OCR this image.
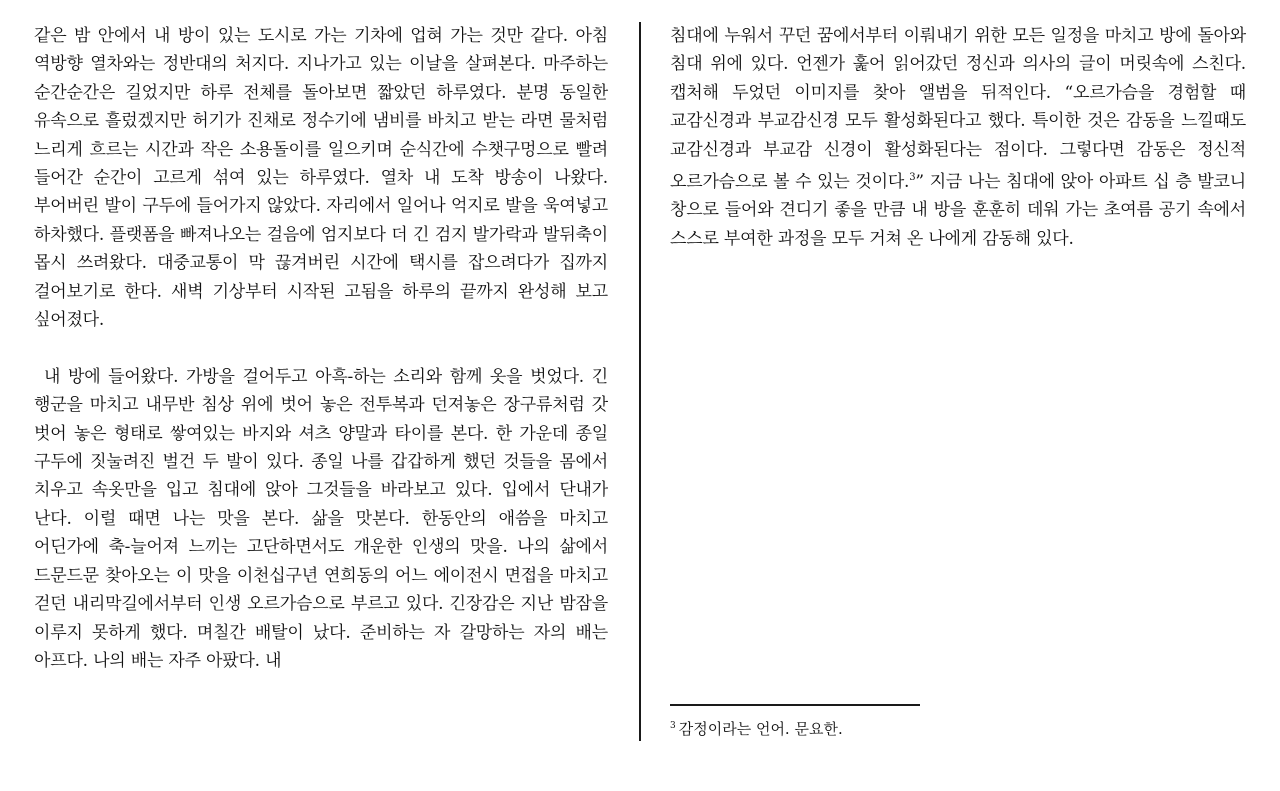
같은 밤 안에서 내 방이 있는 도시로 가는 기차에 업혀 가는 것만 같다. 아침 역방향 열차와는 정반대의 처지다. 지나가고 있는 이날을 살펴본다. 마주하는 순간순간은 길었지만 하루 전체를 돌아보면 짧았던 하루였다. 분명 동일한 유속으로 흘렀겠지만 허기가 진채로 정수기에 냄비를 바치고 받는 라면 물처럼 느리게 흐르는 시간과 작은 소용돌이를 일으키며 순식간에 수챗구멍으로 빨려 들어간 순간이 고르게 섞여 있는 하루였다. 열차 내 도착 방송이 나왔다. 부어버린 발이 구두에 들어가지 않았다. 자리에서 일어나 억지로 발을 욱여넣고 하차했다. 플랫폼을 빠져나오는 걸음에 엄지보다 더 긴 검지 발가락과 발뒤축이 몹시 쓰려왔다. 대중교통이 막 끊겨버린 시간에 택시를 잡으려다가 집까지 걸어보기로 한다. 새벽 기상부터 시작된 고됨을 하루의 끝까지 완성해 보고 싶어졌다.

내 방에 들어왔다. 가방을 걸어두고 아흑-하는 소리와 함께 옷을 벗었다. 긴 행군을 마치고 내무반 침상 위에 벗어 놓은 전투복과 던져놓은 장구류처럼 갓 벗어 놓은 형태로 쌓여있는 바지와 셔츠 양말과 타이를 본다. 한 가운데 종일 구두에 짓눌려진 벌건 두 발이 있다. 종일 나를 갑갑하게 했던 것들을 몸에서 치우고 속옷만을 입고 침대에 앉아 그것들을 바라보고 있다. 입에서 단내가 난다. 이럴 때면 나는 맛을 본다. 삶을 맛본다. 한동안의 애씀을 마치고 어딘가에 축-늘어져 느끼는 고단하면서도 개운한 인생의 맛을. 나의 삶에서 드문드문 찾아오는 이 맛을 이천십구년 연희동의 어느 에이전시 면접을 마치고 걷던 내리막길에서부터 인생 오르가슴으로 부르고 있다. 긴장감은 지난 밤잠을 이루지 못하게 했다. 며칠간 배탈이 났다. 준비하는 자 갈망하는 자의 배는 아프다. 나의 배는 자주 아팠다. 내

침대에 누워서 꾸던 꿈에서부터 이뤄내기 위한 모든 일정을 마치고 방에 돌아와 침대 위에 있다. 언젠가 훑어 읽어갔던 정신과 의사의 글이 머릿속에 스친다. 캡처해 두었던 이미지를 찾아 앨범을 뒤적인다. “오르가슴을 경험할 때 교감신경과 부교감신경 모두 활성화된다고 했다. 특이한 것은 감동을 느낄때도 교감신경과 부교감 신경이 활성화된다는 점이다. 그렇다면 감동은 정신적 오르가슴으로 볼 수 있는 것이다.$^3$” 지금 나는 침대에 앉아 아파트 십 층 발코니 창으로 들어와 견디기 좋을 만큼 내 방을 훈훈히 데워 가는 초여름 공기 속에서 스스로 부여한 과정을 모두 거쳐 온 나에게 감동해 있다.

$^3$ 감정이라는 언어. 문요한.
